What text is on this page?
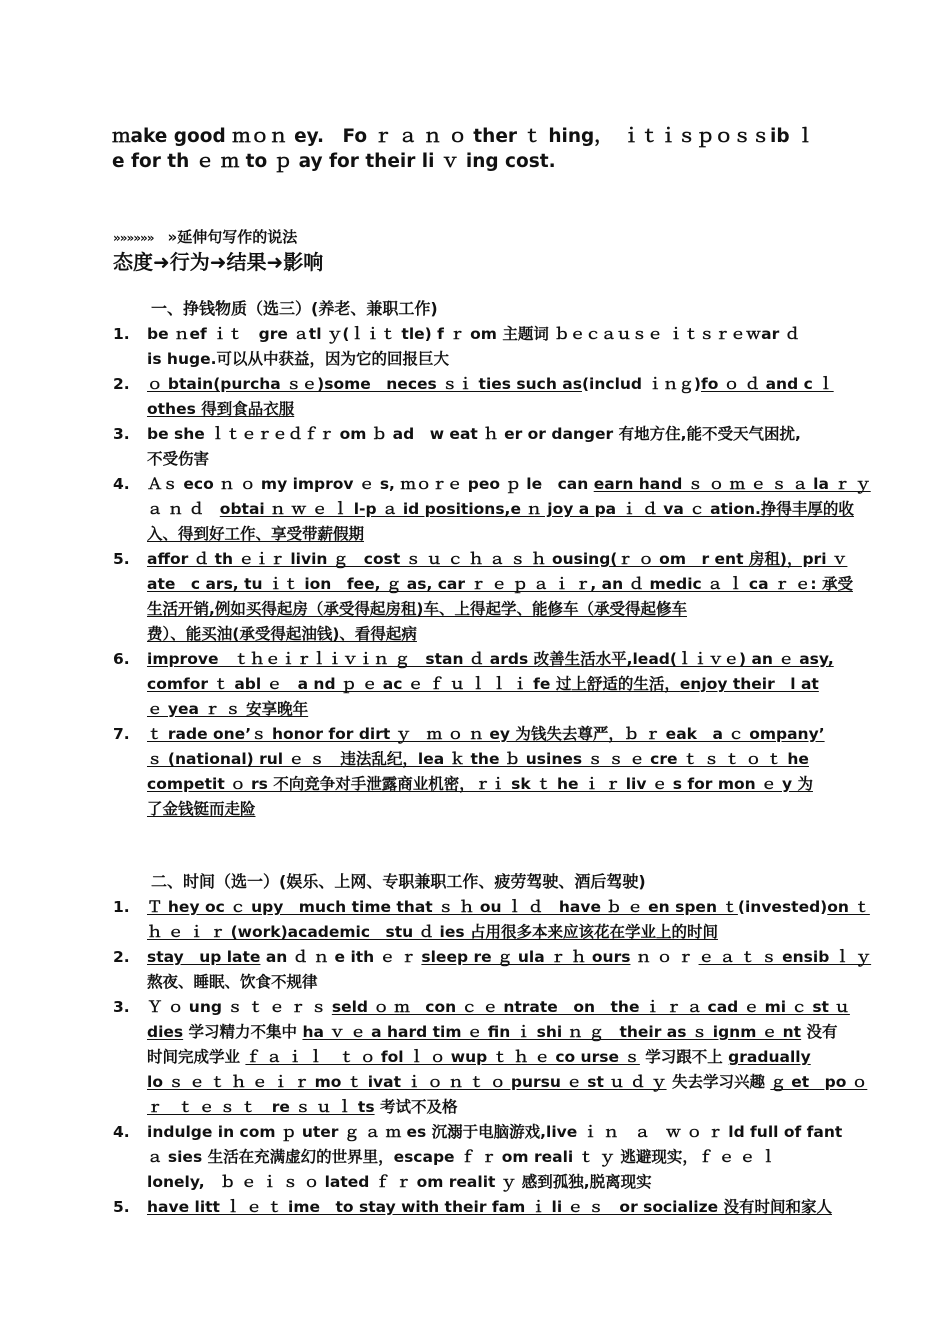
ｍake good ｍｏｎ ey.　Fo ｒ ａ ｎ ｏ ther ｔ hing，　ｉｔｉｓｐｏｓｓib ｌ

e for th ｅ ｍ to ｐ ay for their li ｖ ing cost.

»»»»»» »延伸句写作的说法
态度➜行为➜结果➜影响

一、挣钱物质（选三）(养老、兼职工作)

1.	be ｎef ｉｔ　gre ａtl ｙ(ｌｉｔ tle) f ｒ om 主题词 ｂｅｃａｕｓｅ ｉｔｓｒｅｗar ｄ
is huge.可以从中获益，因为它的回报巨大
2.	ｏ btain(purcha ｓｅ)some　neces ｓｉ ties such as(includ ｉｎｇ)fo ｏ ｄ and c ｌ
othes 得到食品衣服
3.	be she ｌｔｅｒｅｄｆｒ om ｂ ad　w eat ｈ er or danger 有地方住,能不受天气困扰,
不受伤害
4.	Ａｓ eco ｎ ｏ my improv ｅ s, ｍｏｒｅ peo ｐ le　can earn hand ｓ ｏ ｍ ｅ ｓ ａ la ｒ ｙ
ａ ｎ ｄ　obtai ｎ ｗ ｅ ｌ l-p ａ id positions,e ｎ joy a pa ｉ ｄ va ｃ ation.挣得丰厚的收
入、得到好工作、享受带薪假期
5.	affor ｄ th ｅｉｒ livin ｇ　cost ｓ ｕ ｃ ｈ ａ ｓ ｈ ousing(ｒ ｏ om　r ent 房租)，pri ｖ
ate　c ars, tu ｉｔ ion　fee, ｇ as, car ｒ ｅ ｐ ａ ｉ ｒ, an ｄ medic ａ ｌ ca ｒ ｅ: 承受
生活开销,例如买得起房（承受得起房租)车、上得起学、能修车（承受得起修车
费）、能买油(承受得起油钱)、看得起病
6.	improve　ｔｈｅｉｒｌｉｖｉｎ ｇ　stan ｄ ards 改善生活水平,lead(ｌｉｖｅ) an ｅ asy,
comfor ｔ abl ｅ　a nd ｐ ｅ ac ｅ ｆ ｕ ｌ ｌ ｉ fe 过上舒适的生活，enjoy their　l at
ｅ yea ｒ ｓ 安享晚年
7.	ｔ rade one’ｓ honor for dirt ｙ　ｍ ｏ ｎ ey 为钱失去尊严，ｂ ｒ eak　a ｃ ompany’
ｓ (national) rul ｅ ｓ　违法乱纪，lea ｋ the ｂ usines ｓ ｓ ｅ cre ｔ ｓ ｔ ｏ ｔ he
competit ｏ rs 不向竞争对手泄露商业机密，ｒｉ sk ｔ he ｉ ｒ liv ｅ s for mon ｅ y 为
了金钱铤而走险

二、时间（选一）(娱乐、上网、专职兼职工作、疲劳驾驶、酒后驾驶)

1.	Ｔ hey oc ｃ upy　much time that ｓ ｈ ou ｌ ｄ　have ｂ ｅ en spen ｔ(invested)on ｔ
ｈ ｅ ｉ ｒ (work)academic　stu ｄ ies 占用很多本来应该花在学业上的时间
2.	stay　up late an ｄ ｎ e ith ｅ ｒ sleep re ｇ ula ｒ ｈ ours ｎ ｏ ｒ ｅ ａ ｔ ｓ ensib ｌ ｙ
熬夜、睡眠、饮食不规律
3.	Ｙ ｏ ung ｓ ｔ ｅ ｒ ｓ seld ｏ ｍ　con ｃ ｅ ntrate　on　the ｉ ｒ ａ cad ｅ mi ｃ st ｕ
dies 学习精力不集中 ha ｖ ｅ a hard tim ｅ fin ｉ shi ｎ ｇ　their as ｓ ignm ｅ nt 没有
时间完成学业 ｆ ａ ｉ ｌ　ｔ ｏ fol ｌ ｏ wup ｔ ｈ ｅ co urse ｓ 学习跟不上 gradually
lo ｓ ｅ ｔ ｈ ｅ ｉ ｒ mo ｔ ivat ｉ ｏ ｎ ｔ ｏ pursu ｅ st ｕ ｄ ｙ 失去学习兴趣 ｇ et　po ｏ
ｒ　ｔ ｅ ｓ ｔ　re ｓ ｕ ｌ ts 考试不及格
4.	indulge in com ｐ uter ｇ ａ ｍ es 沉溺于电脑游戏,live ｉ ｎ　ａ　ｗ ｏ ｒ ld full of fant
ａ sies 生活在充满虚幻的世界里，escape ｆ ｒ om reali ｔ ｙ 逃避现实，ｆ ｅ ｅ ｌ
lonely,　ｂ ｅ ｉ ｓ ｏ lated ｆ ｒ om realit ｙ 感到孤独,脱离现实
5.	have litt ｌ ｅ ｔ ime　to stay with their fam ｉ li ｅ ｓ　or socialize 没有时间和家人
